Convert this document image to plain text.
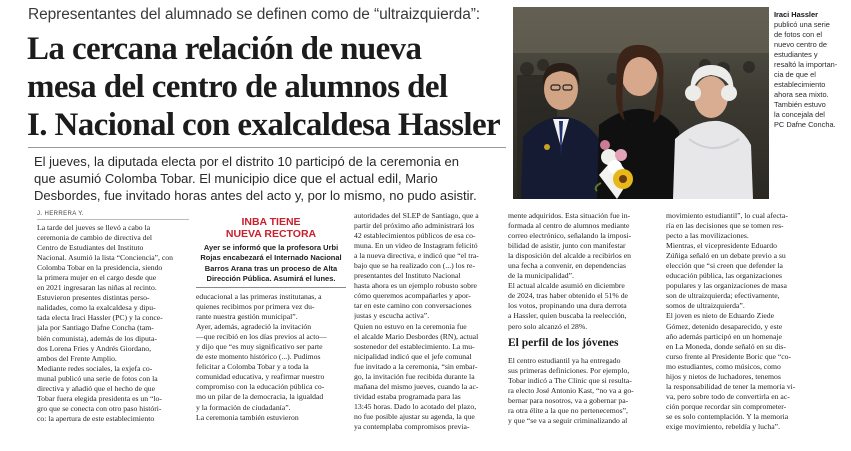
Representantes del alumnado se definen como de “ultraizquierda”:
La cercana relación de nueva
mesa del centro de alumnos del
I. Nacional con exalcaldesa Hassler
El jueves, la diputada electa por el distrito 10 participó de la ceremonia en
que asumió Colomba Tobar. El municipio dice que el actual edil, Mario
Desbordes, fue invitado horas antes del acto y, por lo mismo, no pudo asistir.
Iraci Hassler
publicó una serie
de fotos con el
nuevo centro de
estudiantes y
resaltó la importan-
cia de que el
establecimiento
ahora sea mixto.
También estuvo
la concejala del
PC Dafne Concha.
J. HERRERA Y.
La tarde del jueves se llevó a cabo la
ceremonia de cambio de directiva del
Centro de Estudiantes del Instituto
Nacional. Asumió la lista “Conciencia”, con
Colomba Tobar en la presidencia, siendo
la primera mujer en el cargo desde que
en 2021 ingresaran las niñas al recinto.
Estuvieron presentes distintas perso-
nalidades, como la exalcaldesa y dipu-
tada electa Iraci Hassler (PC) y la conce-
jala por Santiago Dafne Concha (tam-
bién comunista), además de los diputa-
dos Lorena Fries y Andrés Giordano,
ambos del Frente Amplio.
Mediante redes sociales, la exjefa co-
munal publicó una serie de fotos con la
directiva y añadió que el hecho de que
Tobar fuera elegida presidenta es un “lo-
gro que se conecta con otro paso históri-
co: la apertura de este establecimiento
INBA TIENE
NUEVA RECTORA
Ayer se informó que la profesora Urbi
Rojas encabezará el Internado Nacional
Barros Arana tras un proceso de Alta
Dirección Pública. Asumirá el lunes.
educacional a las primeras institutanas, a
quienes recibimos por primera vez du-
rante nuestra gestión municipal”.
Ayer, además, agradeció la invitación
—que recibió en los días previos al acto—
y dijo que “es muy significativo ser parte
de este momento histórico (...). Pudimos
felicitar a Colomba Tobar y a toda la
comunidad educativa, y reafirmar nuestro
compromiso con la educación pública co-
mo un pilar de la democracia, la igualdad
y la formación de ciudadanía”.
La ceremonia también estuvieron
autoridades del SLEP de Santiago, que a
partir del próximo año administrará los
42 establecimientos públicos de esa co-
muna. En un video de Instagram felicitó
a la nueva directiva, e indicó que “el tra-
bajo que se ha realizado con (...) los re-
presentantes del Instituto Nacional
hasta ahora es un ejemplo robusto sobre
cómo queremos acompañarles y apor-
tar en este camino con conversaciones
justas y escucha activa”.
Quien no estuvo en la ceremonia fue
el alcalde Mario Desbordes (RN), actual
sostenedor del establecimiento. La mu-
nicipalidad indicó que el jefe comunal
fue invitado a la ceremonia, “sin embar-
go, la invitación fue recibida durante la
mañana del mismo jueves, cuando la ac-
tividad estaba programada para las
13:45 horas. Dado lo acotado del plazo,
no fue posible ajustar su agenda, la que
ya contemplaba compromisos previa-
mente adquiridos. Esta situación fue in-
formada al centro de alumnos mediante
correo electrónico, señalando la imposi-
bilidad de asistir, junto con manifestar
la disposición del alcalde a recibirlos en
una fecha a convenir, en dependencias
de la municipalidad”.
El actual alcalde asumió en diciembre
de 2024, tras haber obtenido el 51% de
los votos, propinando una dura derrota
a Hassler, quien buscaba la reelección,
pero solo alcanzó el 28%.
El perfil de los jóvenes
El centro estudiantil ya ha entregado
sus primeras definiciones. Por ejemplo,
Tobar indicó a The Clinic que si resulta-
ra electo José Antonio Kast, “no va a go-
bernar para nosotros, va a gobernar pa-
ra otra élite a la que no pertenecemos”,
y que “se va a seguir criminalizando al
movimiento estudiantil”, lo cual afecta-
ría en las decisiones que se tomen res-
pecto a las movilizaciones.
Mientras, el vicepresidente Eduardo
Zúñiga señaló en un debate previo a su
elección que “si creen que defender la
educación pública, las organizaciones
populares y las organizaciones de masa
son de ultraizquierda; efectivamente,
somos de ultraizquierda”.
El joven es nieto de Eduardo Ziede
Gómez, detenido desaparecido, y este
año además participó en un homenaje
en La Moneda, donde señaló en su dis-
curso frente al Presidente Boric que “co-
mo estudiantes, como músicos, como
hijos y nietos de luchadores, tenemos
la responsabilidad de tener la memoria vi-
va, pero sobre todo de convertirla en ac-
ción porque recordar sin comprometer-
se es solo contemplación. Y la memoria
exige movimiento, rebeldía y lucha”.
